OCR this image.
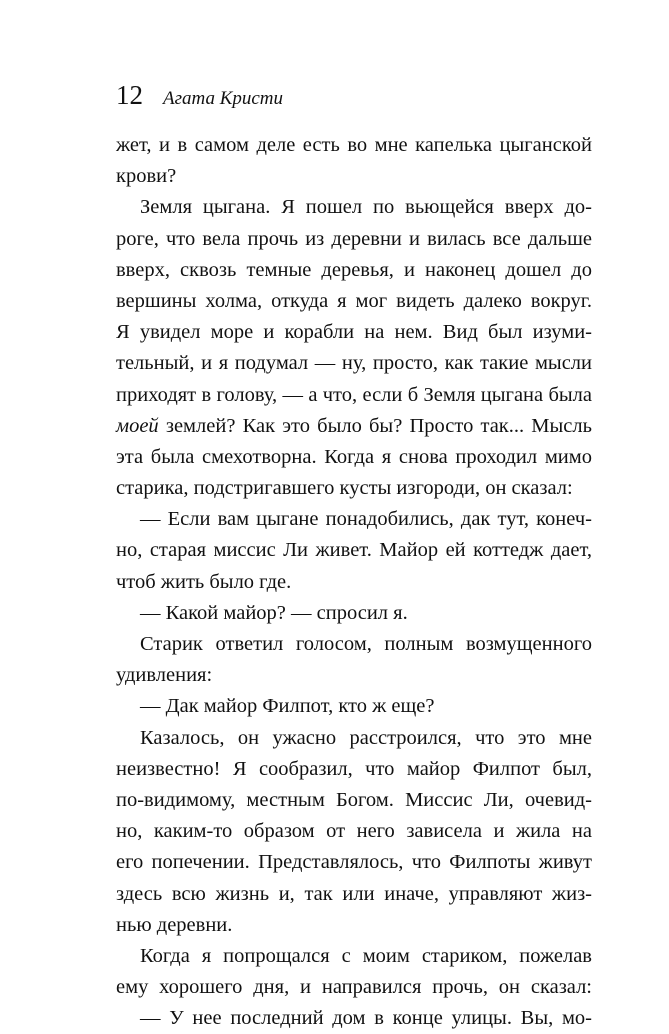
12 Агата Кристи
жет, и в самом деле есть во мне капелька цыганской
крови?
Земля цыгана. Я пошел по вьющейся вверх до-
роге, что вела прочь из деревни и вилась все дальше
вверх, сквозь темные деревья, и наконец дошел до
вершины холма, откуда я мог видеть далеко вокруг.
Я увидел море и корабли на нем. Вид был изуми-
тельный, и я подумал — ну, просто, как такие мысли
приходят в голову, — а что, если б Земля цыгана была
моей землей? Как это было бы? Просто так... Мысль
эта была смехотворна. Когда я снова проходил мимо
старика, подстригавшего кусты изгороди, он сказал:
— Если вам цыгане понадобились, дак тут, конеч-
но, старая миссис Ли живет. Майор ей коттедж дает,
чтоб жить было где.
— Какой майор? — спросил я.
Старик ответил голосом, полным возмущенного
удивления:
— Дак майор Филпот, кто ж еще?
Казалось, он ужасно расстроился, что это мне
неизвестно! Я сообразил, что майор Филпот был,
по-видимому, местным Богом. Миссис Ли, очевид-
но, каким-то образом от него зависела и жила на
его попечении. Представлялось, что Филпоты живут
здесь всю жизнь и, так или иначе, управляют жиз-
нью деревни.
Когда я попрощался с моим стариком, пожелав
ему хорошего дня, и направился прочь, он сказал:
— У нее последний дом в конце улицы. Вы, мо-
